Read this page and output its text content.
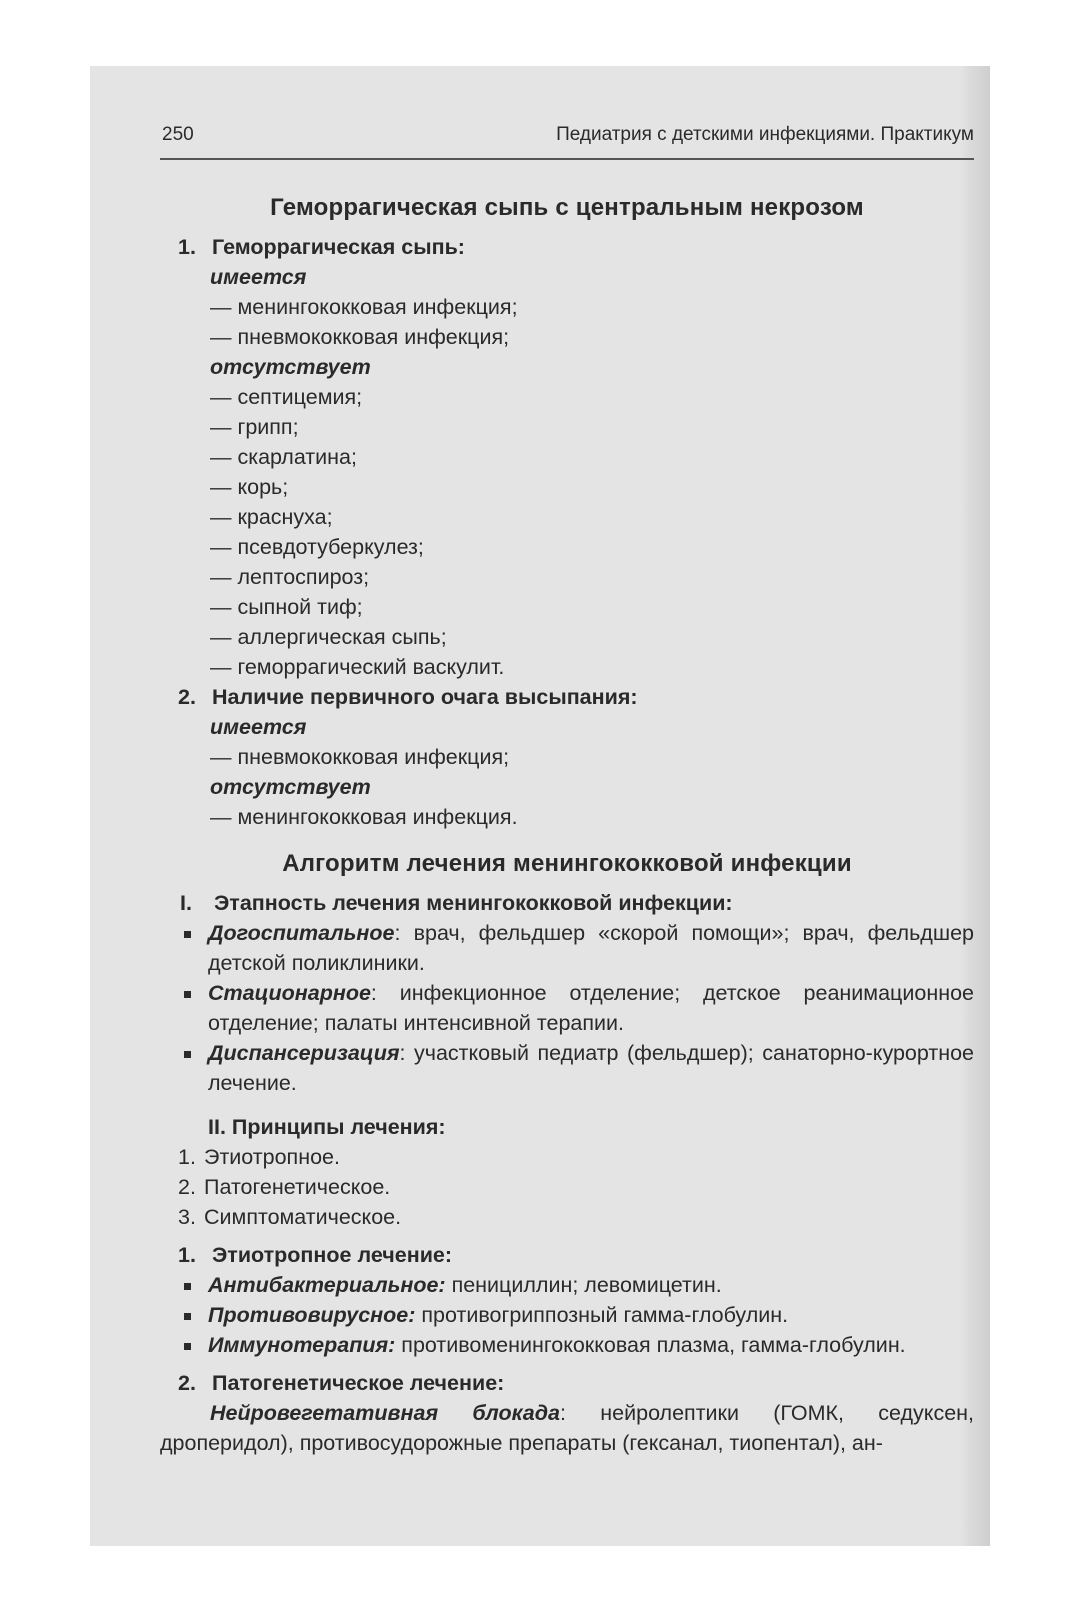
250	Педиатрия с детскими инфекциями. Практикум
Геморрагическая сыпь с центральным некрозом
1. Геморрагическая сыпь:
имеется
— менингококковая инфекция;
— пневмококковая инфекция;
отсутствует
— септицемия;
— грипп;
— скарлатина;
— корь;
— краснуха;
— псевдотуберкулез;
— лептоспироз;
— сыпной тиф;
— аллергическая сыпь;
— геморрагический васкулит.
2. Наличие первичного очага высыпания:
имеется
— пневмококковая инфекция;
отсутствует
— менингококковая инфекция.
Алгоритм лечения менингококковой инфекции
I. Этапность лечения менингококковой инфекции:
Догоспитальное: врач, фельдшер «скорой помощи»; врач, фельдшер детской поликлиники.
Стационарное: инфекционное отделение; детское реанимационное отделение; палаты интенсивной терапии.
Диспансеризация: участковый педиатр (фельдшер); санаторно-курортное лечение.
II. Принципы лечения:
1. Этиотропное.
2. Патогенетическое.
3. Симптоматическое.
1. Этиотропное лечение:
Антибактериальное: пенициллин; левомицетин.
Противовирусное: противогриппозный гамма-глобулин.
Иммунотерапия: противоменингококковая плазма, гамма-глобулин.
2. Патогенетическое лечение:
Нейровегетативная блокада: нейролептики (ГОМК, седуксен, дроперидол), противосудорожные препараты (гексанал, тиопентал), ан-
